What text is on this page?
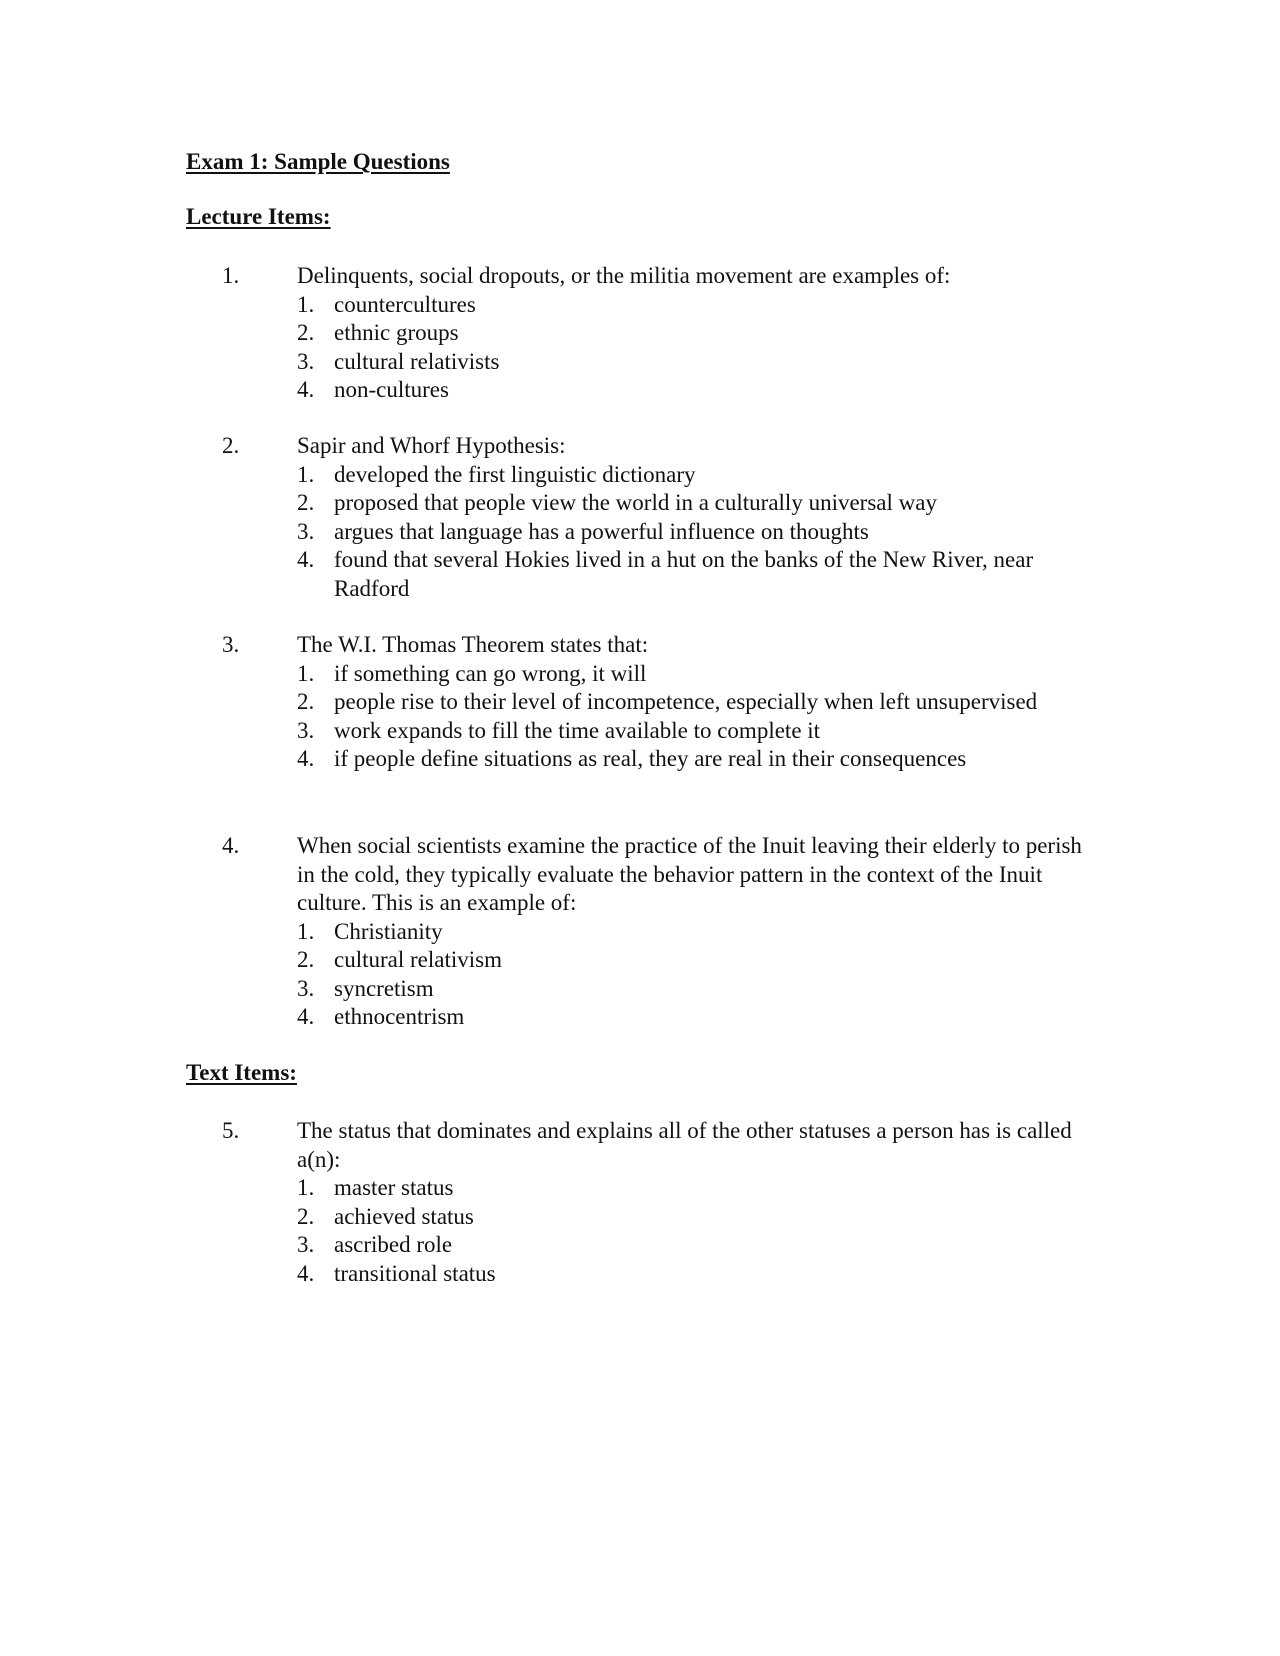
Exam 1: Sample Questions
Lecture Items:
1.	Delinquents, social dropouts, or the militia movement are examples of:
1. countercultures
2. ethnic groups
3. cultural relativists
4. non-cultures
2.	Sapir and Whorf Hypothesis:
1. developed the first linguistic dictionary
2. proposed that people view the world in a culturally universal way
3. argues that language has a powerful influence on thoughts
4. found that several Hokies lived in a hut on the banks of the New River, near Radford
3.	The W.I. Thomas Theorem states that:
1. if something can go wrong, it will
2. people rise to their level of incompetence, especially when left unsupervised
3. work expands to fill the time available to complete it
4. if people define situations as real, they are real in their consequences
4.	When social scientists examine the practice of the Inuit leaving their elderly to perish in the cold, they typically evaluate the behavior pattern in the context of the Inuit culture. This is an example of:
1. Christianity
2. cultural relativism
3. syncretism
4. ethnocentrism
Text Items:
5.	The status that dominates and explains all of the other statuses a person has is called a(n):
1. master status
2. achieved status
3. ascribed role
4. transitional status
